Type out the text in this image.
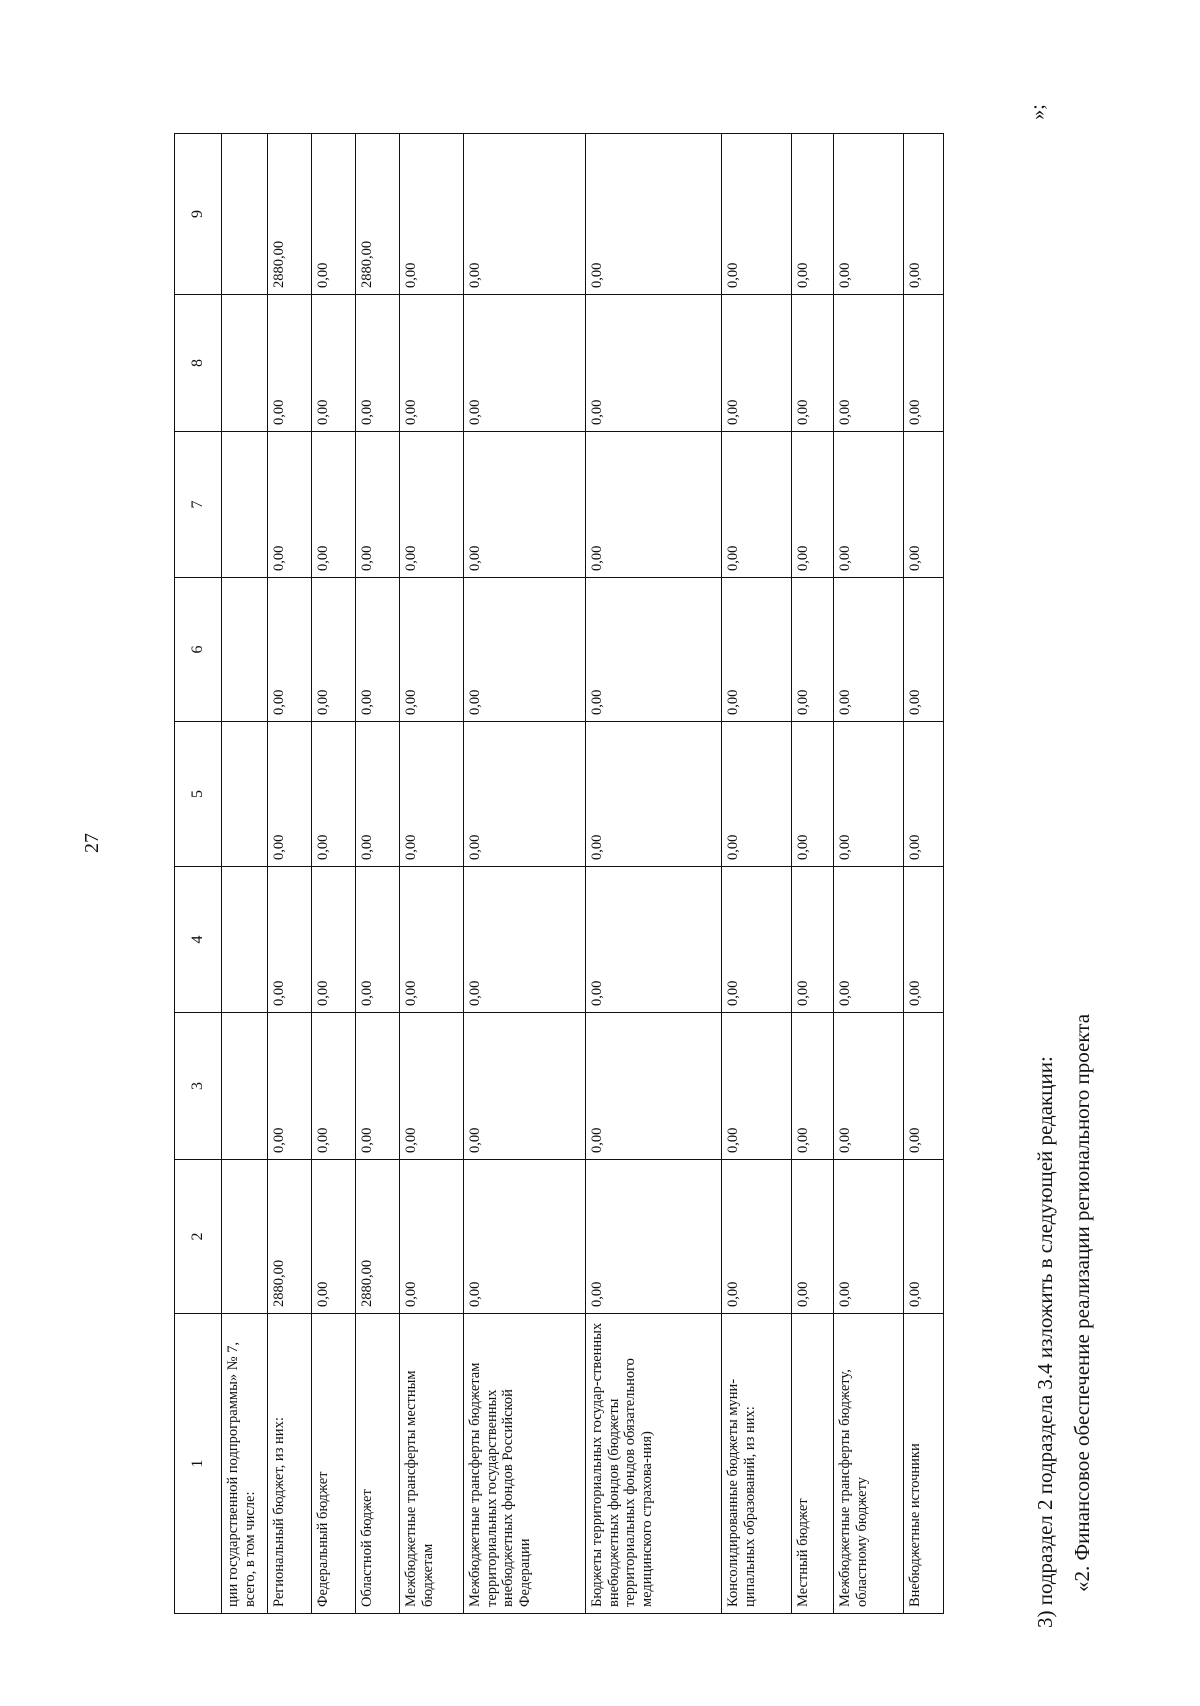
27
1	2	3	4	5	6	7	8	9
ции государственной подпрограммы» № 7, всего, в том числе:								
Региональный бюджет, из них:	2880,00	0,00	0,00	0,00	0,00	0,00	0,00	2880,00
Федеральный бюджет	0,00	0,00	0,00	0,00	0,00	0,00	0,00	0,00
Областной бюджет	2880,00	0,00	0,00	0,00	0,00	0,00	0,00	2880,00
Межбюджетные трансферты местным бюджетам	0,00	0,00	0,00	0,00	0,00	0,00	0,00	0,00
Межбюджетные трансферты бюджетам территориальных государственных внебюджетных фондов Российской Федерации	0,00	0,00	0,00	0,00	0,00	0,00	0,00	0,00
Бюджеты территориальных государ-ственных внебюджетных фондов (бюджеты территориальных фондов обязательного медицинского страхова-ния)	0,00	0,00	0,00	0,00	0,00	0,00	0,00	0,00
Консолидированные бюджеты муни-ципальных образований, из них:	0,00	0,00	0,00	0,00	0,00	0,00	0,00	0,00
Местный бюджет	0,00	0,00	0,00	0,00	0,00	0,00	0,00	0,00
Межбюджетные трансферты бюджету, областному бюджету	0,00	0,00	0,00	0,00	0,00	0,00	0,00	0,00
Внебюджетные источники	0,00	0,00	0,00	0,00	0,00	0,00	0,00	0,00
»;

3) подраздел 2 подраздела 3.4 изложить в следующей редакции: «2. Финансовое обеспечение реализации регионального проекта
